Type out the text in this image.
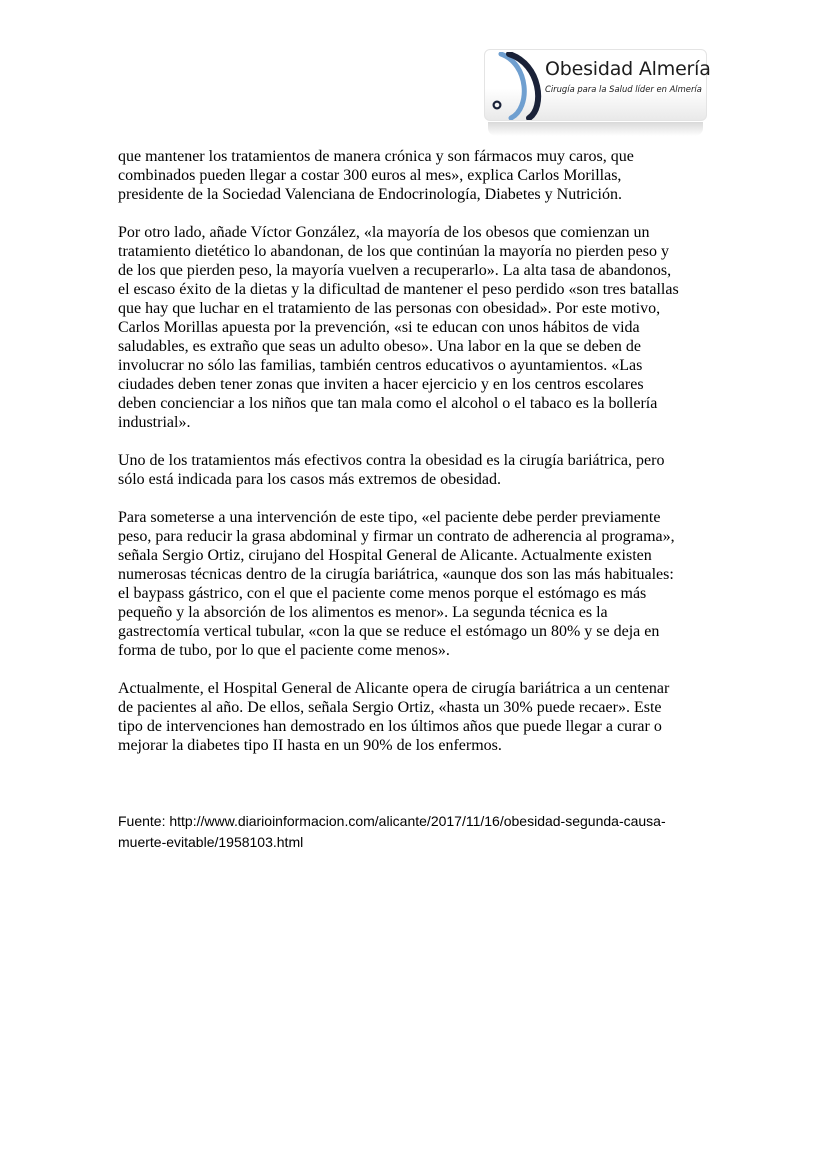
Obesidad Almería
Cirugía para la Salud líder en Almería

que mantener los tratamientos de manera crónica y son fármacos muy caros, que
combinados pueden llegar a costar 300 euros al mes», explica Carlos Morillas,
presidente de la Sociedad Valenciana de Endocrinología, Diabetes y Nutrición.

Por otro lado, añade Víctor González, «la mayoría de los obesos que comienzan un
tratamiento dietético lo abandonan, de los que continúan la mayoría no pierden peso y
de los que pierden peso, la mayoría vuelven a recuperarlo». La alta tasa de abandonos,
el escaso éxito de la dietas y la dificultad de mantener el peso perdido «son tres batallas
que hay que luchar en el tratamiento de las personas con obesidad». Por este motivo,
Carlos Morillas apuesta por la prevención, «si te educan con unos hábitos de vida
saludables, es extraño que seas un adulto obeso». Una labor en la que se deben de
involucrar no sólo las familias, también centros educativos o ayuntamientos. «Las
ciudades deben tener zonas que inviten a hacer ejercicio y en los centros escolares
deben concienciar a los niños que tan mala como el alcohol o el tabaco es la bollería
industrial».

Uno de los tratamientos más efectivos contra la obesidad es la cirugía bariátrica, pero
sólo está indicada para los casos más extremos de obesidad.

Para someterse a una intervención de este tipo, «el paciente debe perder previamente
peso, para reducir la grasa abdominal y firmar un contrato de adherencia al programa»,
señala Sergio Ortiz, cirujano del Hospital General de Alicante. Actualmente existen
numerosas técnicas dentro de la cirugía bariátrica, «aunque dos son las más habituales:
el baypass gástrico, con el que el paciente come menos porque el estómago es más
pequeño y la absorción de los alimentos es menor». La segunda técnica es la
gastrectomía vertical tubular, «con la que se reduce el estómago un 80% y se deja en
forma de tubo, por lo que el paciente come menos».

Actualmente, el Hospital General de Alicante opera de cirugía bariátrica a un centenar
de pacientes al año. De ellos, señala Sergio Ortiz, «hasta un 30% puede recaer». Este
tipo de intervenciones han demostrado en los últimos años que puede llegar a curar o
mejorar la diabetes tipo II hasta en un 90% de los enfermos.

Fuente: http://www.diarioinformacion.com/alicante/2017/11/16/obesidad-segunda-causa-
muerte-evitable/1958103.html
